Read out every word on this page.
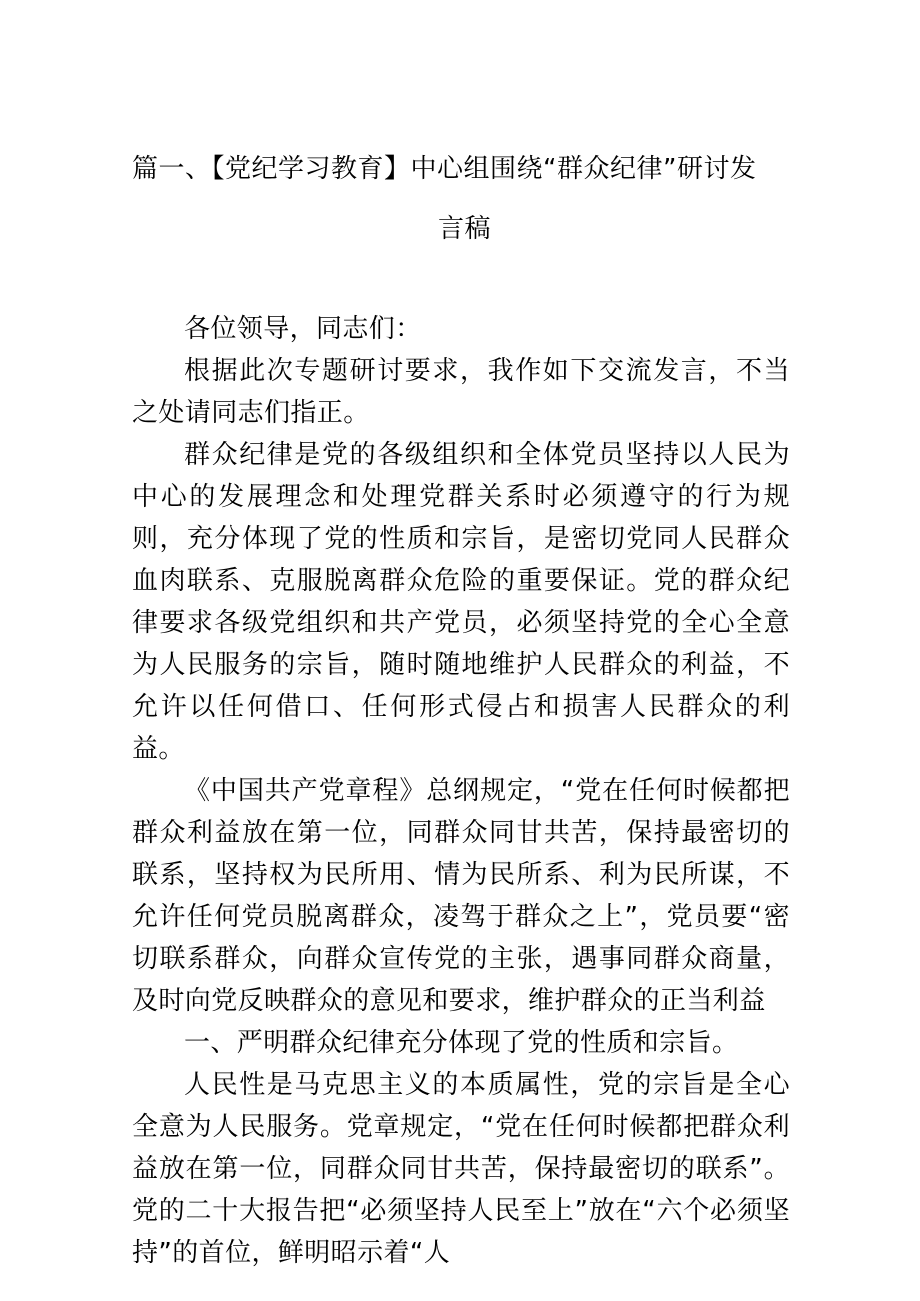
篇一、【党纪学习教育】中心组围绕“群众纪律”研讨发
言稿

各位领导，同志们：

根据此次专题研讨要求，我作如下交流发言，不当之处请同志们指正。

群众纪律是党的各级组织和全体党员坚持以人民为中心的发展理念和处理党群关系时必须遵守的行为规则，充分体现了党的性质和宗旨，是密切党同人民群众血肉联系、克服脱离群众危险的重要保证。党的群众纪律要求各级党组织和共产党员，必须坚持党的全心全意为人民服务的宗旨，随时随地维护人民群众的利益，不允许以任何借口、任何形式侵占和损害人民群众的利益。

《中国共产党章程》总纲规定，“党在任何时候都把群众利益放在第一位，同群众同甘共苦，保持最密切的联系，坚持权为民所用、情为民所系、利为民所谋，不允许任何党员脱离群众，凌驾于群众之上”，党员要“密切联系群众，向群众宣传党的主张，遇事同群众商量，及时向党反映群众的意见和要求，维护群众的正当利益

一、严明群众纪律充分体现了党的性质和宗旨。

人民性是马克思主义的本质属性，党的宗旨是全心全意为人民服务。党章规定，“党在任何时候都把群众利益放在第一位，同群众同甘共苦，保持最密切的联系”。党的二十大报告把“必须坚持人民至上”放在“六个必须坚持”的首位，鲜明昭示着“人
